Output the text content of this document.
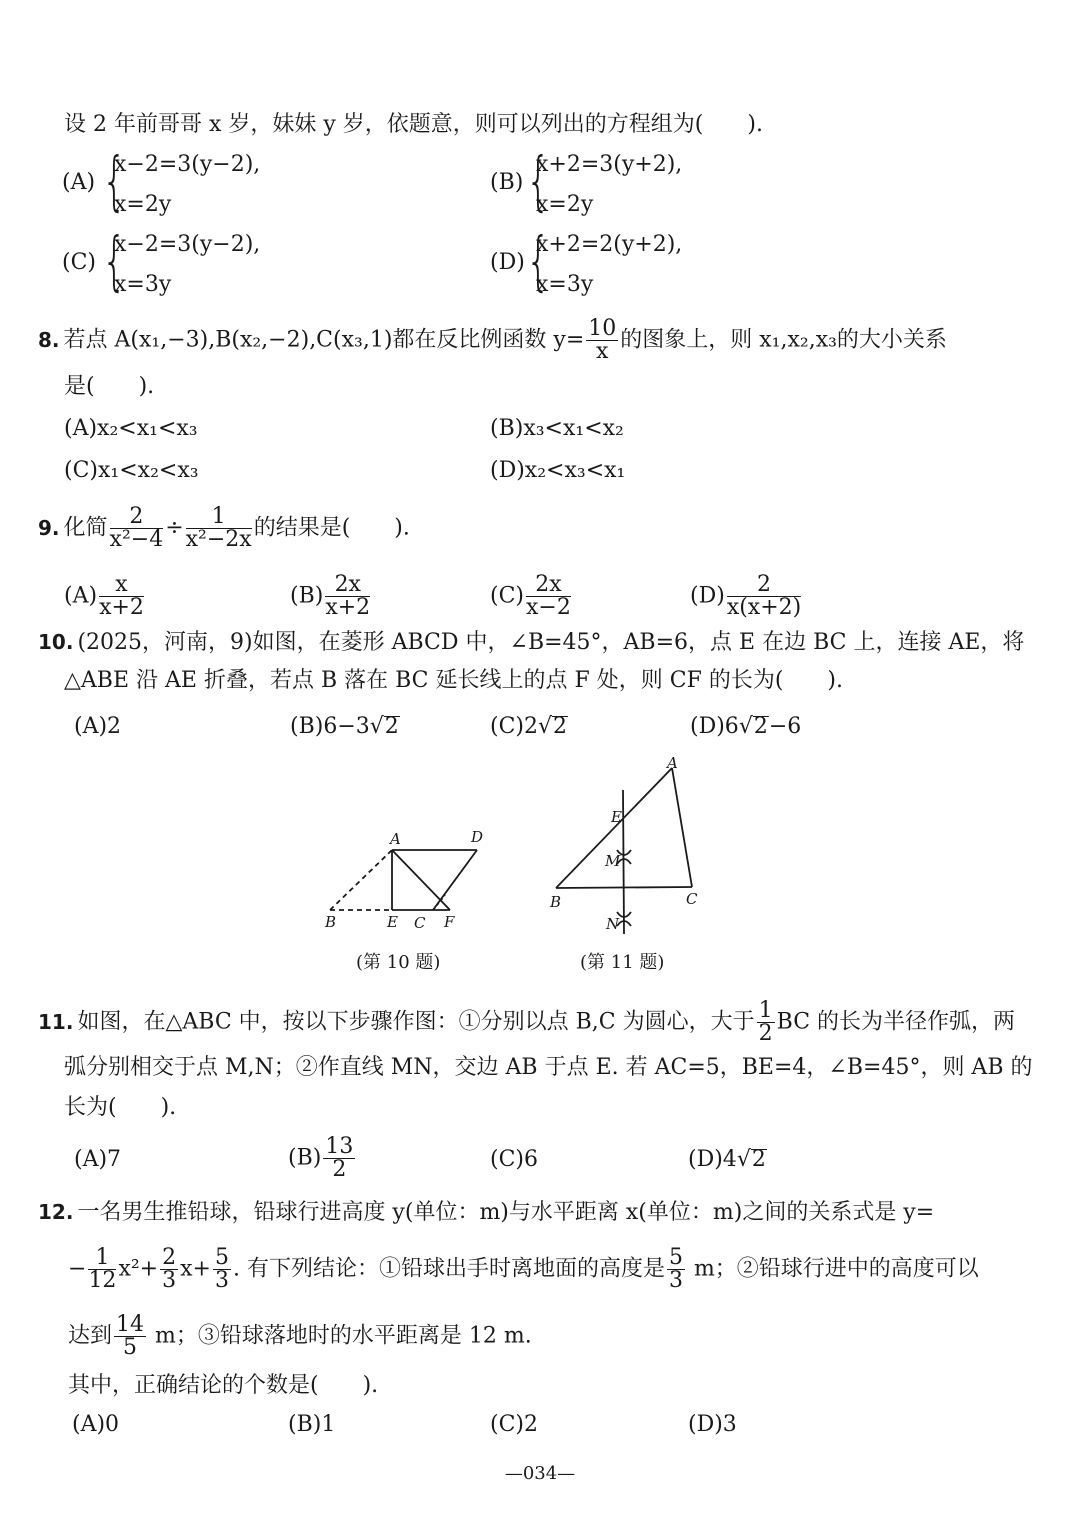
设 2 年前哥哥 x 岁，妹妹 y 岁，依题意，则可以列出的方程组为(　　).
(A) {
x−2=3(y−2),
x=2y
(B) {
x+2=3(y+2),
x=2y
(C) {
x−2=3(y−2),
x=3y
(D) {
x+2=2(y+2),
x=3y
8. 若点 A(x₁,−3),B(x₂,−2),C(x₃,1)都在反比例函数 $y= \frac{10}{x}$ 的图象上，则 x₁,x₂,x₃的大小关系
是(　　).
(A)x₂<x₁<x₃	(B)x₃<x₁<x₂
(C)x₁<x₂<x₃	(D)x₂<x₃<x₁
9. 化简 $\frac{2}{\text{x²−4}} \div \frac{1}{\text{x²−2x}}$ 的结果是(　　).
$(A) \frac{x}{x+2}$	$(B) \frac{2x}{x+2}$	$(C) \frac{2x}{x-2}$	$(D) \frac{2}{x(x+2)}$
10. (2025，河南，9)如图，在菱形 ABCD 中，∠B=45°，AB=6，点 E 在边 BC 上，连接 AE，将
△ABE 沿 AE 折叠，若点 B 落在 BC 延长线上的点 F 处，则 CF 的长为(　　).
(A)2	(B)6−3√2	(C)2√2	(D)6√2−6
A	D
B	E C F
A
E
M
B	C
N
(第 10 题)	(第 11 题)
11. 如图，在△ABC 中，按以下步骤作图：①分别以点 B,C 为圆心，大于 $\frac{1}{2}$ BC 的长为半径作弧，两
弧分别相交于点 M,N；②作直线 MN，交边 AB 于点 E. 若 AC=5，BE=4，∠B=45°，则 AB 的
长为(　　).
(A)7	$(B) \frac{13}{2}$	(C)6	(D)4√2
12. 一名男生推铅球，铅球行进高度 y(单位：m)与水平距离 x(单位：m)之间的关系式是 y=
− $\frac{1}{12} x^2+ \frac{2}{3} x+ \frac{5}{3}$ . 有下列结论：①铅球出手时离地面的高度是 $\frac{5}{3}$ m；②铅球行进中的高度可以
达到 $\frac{14}{5}$ m；③铅球落地时的水平距离是 12 m.
其中，正确结论的个数是(　　).
(A)0	(B)1	(C)2	(D)3
—034—
